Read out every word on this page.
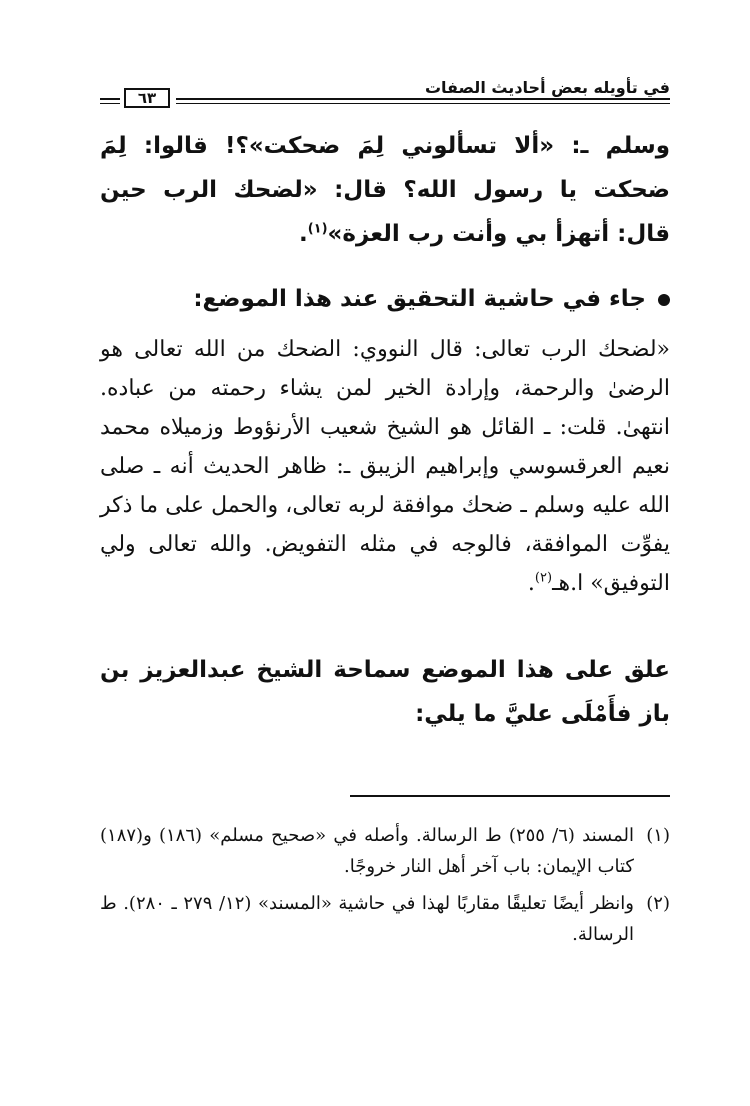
في تأويله بعض أحاديث الصفات
٦٣
وسلم ـ: «ألا تسألوني لِمَ ضحكت»؟! قالوا: لِمَ ضحكت يا رسول الله؟ قال: «لضحك الرب حين قال: أتهزأ بي وأنت رب العزة»$^{(١)}$.
جاء في حاشية التحقيق عند هذا الموضع:
«لضحك الرب تعالى: قال النووي: الضحك من الله تعالى هو الرضىٰ والرحمة، وإرادة الخير لمن يشاء رحمته من عباده. انتهىٰ. قلت: ـ القائل هو الشيخ شعيب الأرنؤوط وزميلاه محمد نعيم العرقسوسي وإبراهيم الزيبق ـ: ظاهر الحديث أنه ـ صلى الله عليه وسلم ـ ضحك موافقة لربه تعالى، والحمل على ما ذكر يفوِّت الموافقة، فالوجه في مثله التفويض. والله تعالى ولي التوفيق» ا.هـ$^{(٢)}$.
علق على هذا الموضع سماحة الشيخ عبدالعزيز بن باز فأَمْلَى عليَّ ما يلي:
(١)
المسند (٦/ ٢٥٥) ط الرسالة. وأصله في «صحيح مسلم» (١٨٦) و(١٨٧) كتاب الإيمان: باب آخر أهل النار خروجًا.
(٢)
وانظر أيضًا تعليقًا مقاربًا لهذا في حاشية «المسند» (١٢/ ٢٧٩ ـ ٢٨٠). ط الرسالة.
